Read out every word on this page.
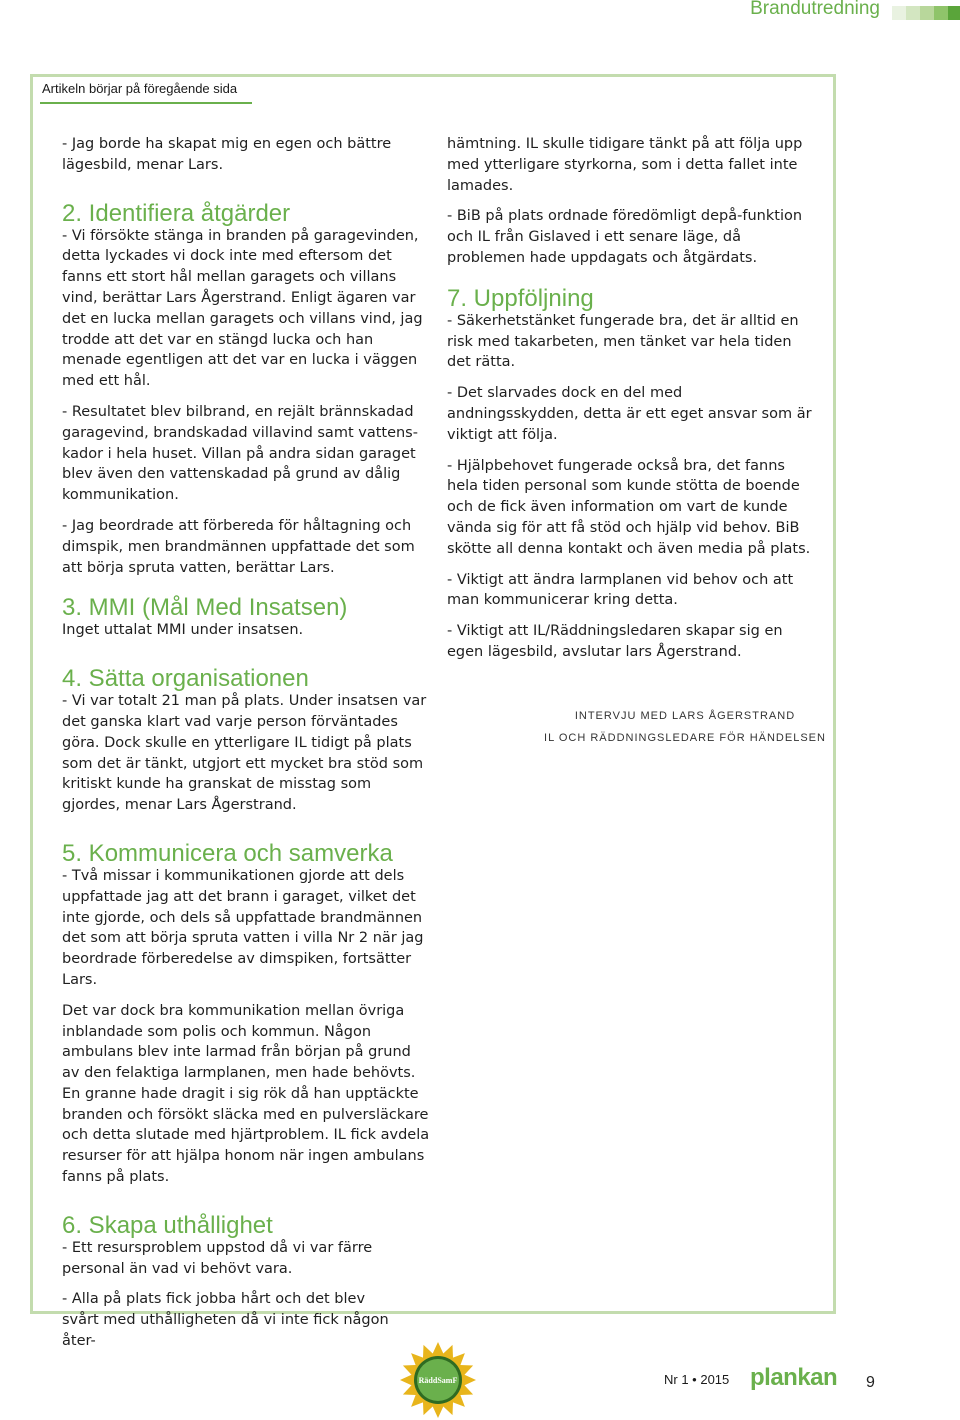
Brandutredning
Artikeln börjar på föregående sida

- Jag borde ha skapat mig en egen och bättre lägesbild, menar Lars.

2. Identifiera åtgärder

- Vi försökte stänga in branden på garagevinden, detta lyckades vi dock inte med eftersom det fanns ett stort hål mellan garagets och villans vind, berättar Lars Ågerstrand. Enligt ägaren var det en lucka mellan garagets och villans vind, jag trodde att det var en stängd lucka och han menade egentligen att det var en lucka i väggen med ett hål.

- Resultatet blev bilbrand, en rejält brännskadad garagevind, brandskadad villavind samt vattenskador i hela huset. Villan på andra sidan garaget blev även den vattenskadad på grund av dålig kommunikation.

- Jag beordrade att förbereda för håltagning och dimspik, men brandmännen uppfattade det som att börja spruta vatten, berättar Lars.

3. MMI (Mål Med Insatsen)

Inget uttalat MMI under insatsen.

4. Sätta organisationen

- Vi var totalt 21 man på plats. Under insatsen var det ganska klart vad varje person förväntades göra. Dock skulle en ytterligare IL tidigt på plats som det är tänkt, utgjort ett mycket bra stöd som kritiskt kunde ha granskat de misstag som gjordes, menar Lars Ågerstrand.

5. Kommunicera och samverka

- Två missar i kommunikationen gjorde att dels uppfattade jag att det brann i garaget, vilket det inte gjorde, och dels så uppfattade brandmännen det som att börja spruta vatten i villa Nr 2 när jag beordrade förberedelse av dimspiken, fortsätter Lars.

Det var dock bra kommunikation mellan övriga inblandade som polis och kommun. Någon ambulans blev inte larmad från början på grund av den felaktiga larmplanen, men hade behövts. En granne hade dragit i sig rök då han upptäckte branden och försökt släcka med en pulversläckare och detta slutade med hjärtproblem. IL fick avdela resurser för att hjälpa honom när ingen ambulans fanns på plats.

6. Skapa uthållighet

- Ett resursproblem uppstod då vi var färre personal än vad vi behövt vara.

- Alla på plats fick jobba hårt och det blev svårt med uthålligheten då vi inte fick någon åter-

hämtning. IL skulle tidigare tänkt på att följa upp med ytterligare styrkorna, som i detta fallet inte lamades.

- BiB på plats ordnade föredömligt depå-funktion och IL från Gislaved i ett senare läge, då problemen hade uppdagats och åtgärdats.

7. Uppföljning

- Säkerhetstänket fungerade bra, det är alltid en risk med takarbeten, men tänket var hela tiden det rätta.

- Det slarvades dock en del med andningsskydden, detta är ett eget ansvar som är viktigt att följa.

- Hjälpbehovet fungerade också bra, det fanns hela tiden personal som kunde stötta de boende och de fick även information om vart de kunde vända sig för att få stöd och hjälp vid behov. BiB skötte all denna kontakt och även media på plats.

- Viktigt att ändra larmplanen vid behov och att man kommunicerar kring detta.

- Viktigt att IL/Räddningsledaren skapar sig en egen lägesbild, avslutar lars Ågerstrand.

INTERVJU MED LARS ÅGERSTRAND
IL OCH RÄDDNINGSLEDARE FÖR HÄNDELSEN
RäddSamF	Nr 1 • 2015 plankan 9
